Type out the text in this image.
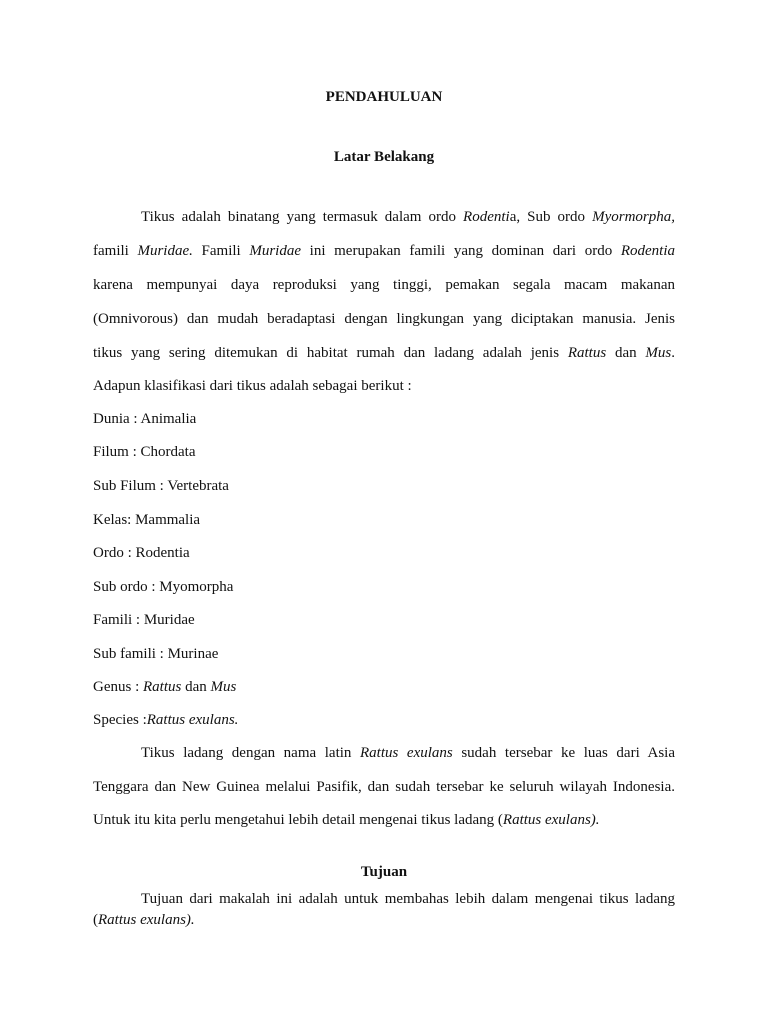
PENDAHULUAN
Latar Belakang
Tikus adalah binatang yang termasuk dalam ordo Rodentia, Sub ordo Myormorpha,
famili Muridae. Famili Muridae ini merupakan famili yang dominan dari ordo Rodentia
karena mempunyai daya reproduksi yang tinggi, pemakan segala macam makanan
(Omnivorous) dan mudah beradaptasi dengan lingkungan yang diciptakan manusia. Jenis
tikus yang sering ditemukan di habitat rumah dan ladang adalah jenis Rattus dan Mus.
Adapun klasifikasi dari tikus adalah sebagai berikut :
Dunia : Animalia
Filum : Chordata
Sub Filum : Vertebrata
Kelas: Mammalia
Ordo : Rodentia
Sub ordo : Myomorpha
Famili : Muridae
Sub famili : Murinae
Genus : Rattus dan Mus
Species :Rattus exulans.
Tikus ladang dengan nama latin Rattus exulans sudah tersebar ke luas dari Asia
Tenggara dan New Guinea melalui Pasifik, dan sudah tersebar ke seluruh wilayah Indonesia.
Untuk itu kita perlu mengetahui lebih detail mengenai tikus ladang (Rattus exulans).
Tujuan
Tujuan dari makalah ini adalah untuk membahas lebih dalam mengenai tikus ladang
(Rattus exulans).
